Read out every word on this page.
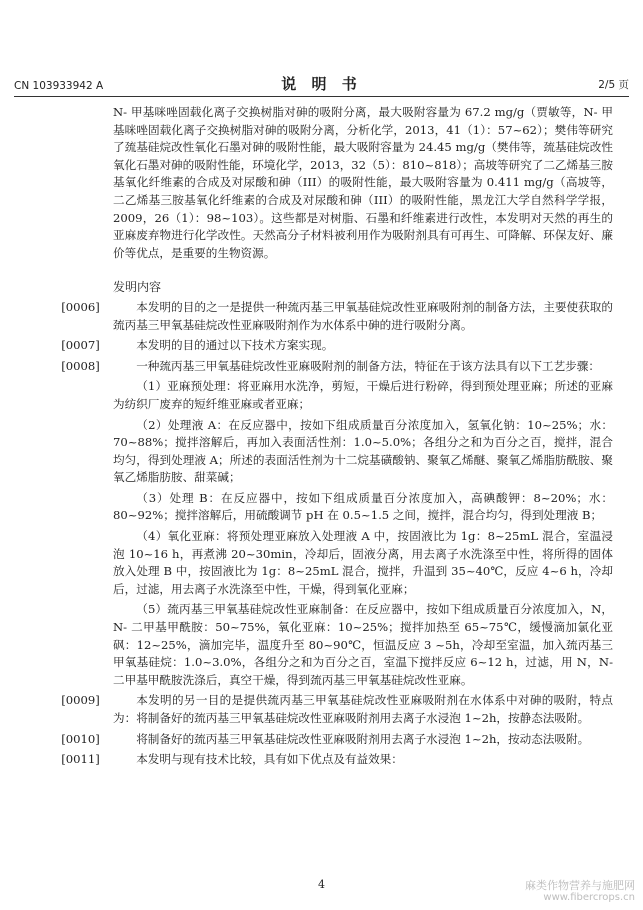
CN 103933942 A	说 明 书	2/5 页

N- 甲基咪唑固载化离子交换树脂对砷的吸附分离，最大吸附容量为 67.2 mg/g（贾敏等，N- 甲基咪唑固载化离子交换树脂对砷的吸附分离，分析化学，2013，41（1）：57~62）；樊伟等研究了巯基硅烷改性氧化石墨对砷的吸附性能，最大吸附容量为 24.45 mg/g（樊伟等，巯基硅烷改性氧化石墨对砷的吸附性能，环境化学，2013，32（5）：810~818）；高坡等研究了二乙烯基三胺基氧化纤维素的合成及对尿酸和砷（III）的吸附性能，最大吸附容量为 0.411 mg/g（高坡等，二乙烯基三胺基氧化纤维素的合成及对尿酸和砷（III）的吸附性能，黑龙江大学自然科学学报，2009，26（1）：98~103）。这些都是对树脂、石墨和纤维素进行改性，本发明对天然的再生的亚麻废弃物进行化学改性。天然高分子材料被利用作为吸附剂具有可再生、可降解、环保友好、廉价等优点，是重要的生物资源。

发明内容

[0006]	本发明的目的之一是提供一种巯丙基三甲氧基硅烷改性亚麻吸附剂的制备方法，主要使获取的巯丙基三甲氧基硅烷改性亚麻吸附剂作为水体系中砷的进行吸附分离。

[0007]	本发明的目的通过以下技术方案实现。

[0008]	一种巯丙基三甲氧基硅烷改性亚麻吸附剂的制备方法，特征在于该方法具有以下工艺步骤：

（1）亚麻预处理：将亚麻用水洗净，剪短，干燥后进行粉碎，得到预处理亚麻；所述的亚麻为纺织厂废弃的短纤维亚麻或者亚麻；

（2）处理液 A：在反应器中，按如下组成质量百分浓度加入，氢氧化钠：10~25%；水：70~88%；搅拌溶解后，再加入表面活性剂：1.0~5.0%；各组分之和为百分之百，搅拌，混合均匀，得到处理液 A；所述的表面活性剂为十二烷基磺酸钠、聚氧乙烯醚、聚氧乙烯脂肪酰胺、聚氧乙烯脂肪胺、甜菜碱；

（3）处理 B：在反应器中，按如下组成质量百分浓度加入，高碘酸钾：8~20%；水：80~92%；搅拌溶解后，用硫酸调节 pH 在 0.5~1.5 之间，搅拌，混合均匀，得到处理液 B；

（4）氧化亚麻：将预处理亚麻放入处理液 A 中，按固液比为 1g：8~25mL 混合，室温浸泡 10~16 h，再煮沸 20~30min，冷却后，固液分离，用去离子水洗涤至中性，将所得的固体放入处理 B 中，按固液比为 1g：8~25mL 混合，搅拌，升温到 35~40℃，反应 4~6 h，冷却后，过滤，用去离子水洗涤至中性，干燥，得到氧化亚麻；

（5）巯丙基三甲氧基硅烷改性亚麻制备：在反应器中，按如下组成质量百分浓度加入，N，N- 二甲基甲酰胺：50~75%，氧化亚麻：10~25%；搅拌加热至 65~75℃，缓慢滴加氯化亚砜：12~25%，滴加完毕，温度升至 80~90℃，恒温反应 3 ~5h，冷却至室温，加入巯丙基三甲氧基硅烷：1.0~3.0%，各组分之和为百分之百，室温下搅拌反应 6~12 h，过滤，用 N，N- 二甲基甲酰胺洗涤后，真空干燥，得到巯丙基三甲氧基硅烷改性亚麻。

[0009]	本发明的另一目的是提供巯丙基三甲氧基硅烷改性亚麻吸附剂在水体系中对砷的吸附，特点为：将制备好的巯丙基三甲氧基硅烷改性亚麻吸附剂用去离子水浸泡 1~2h，按静态法吸附。

[0010]	将制备好的巯丙基三甲氧基硅烷改性亚麻吸附剂用去离子水浸泡 1~2h，按动态法吸附。

[0011]	本发明与现有技术比较，具有如下优点及有益效果：

4	麻类作物营养与施肥网
www.fibercrops.cn
